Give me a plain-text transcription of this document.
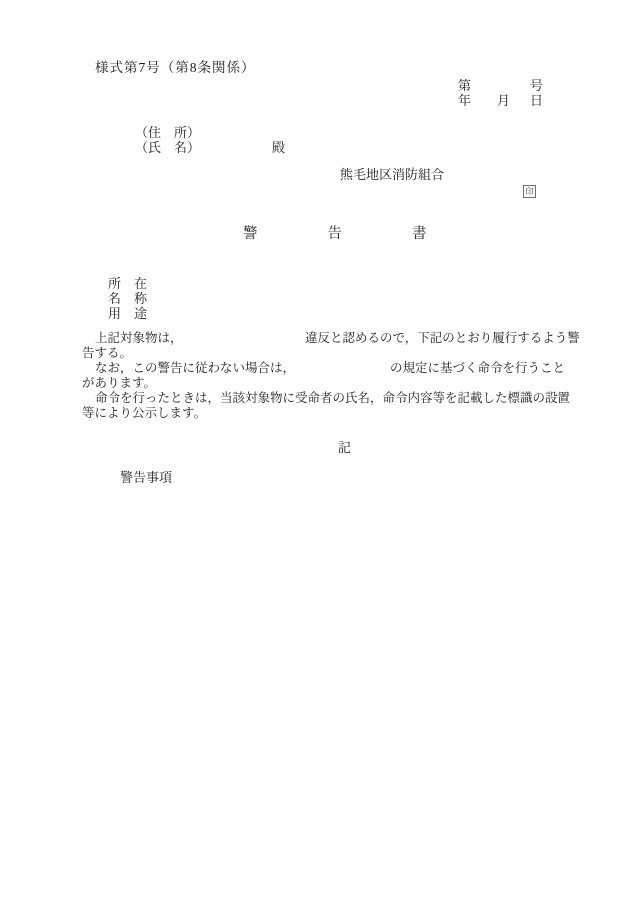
様式第7号（第8条関係）
第	号
年 月 日
（住　所）
（氏　名）	殿
熊毛地区消防組合
印
警告書
所　在
名　称
用　途
上記対象物は，	違反と認めるので，下記のとおり履行するよう警
告する。
なお，この警告に従わない場合は，	の規定に基づく命令を行うこと
があります。
命令を行ったときは，当該対象物に受命者の氏名，命令内容等を記載した標識の設置
等により公示します。
記
警告事項
